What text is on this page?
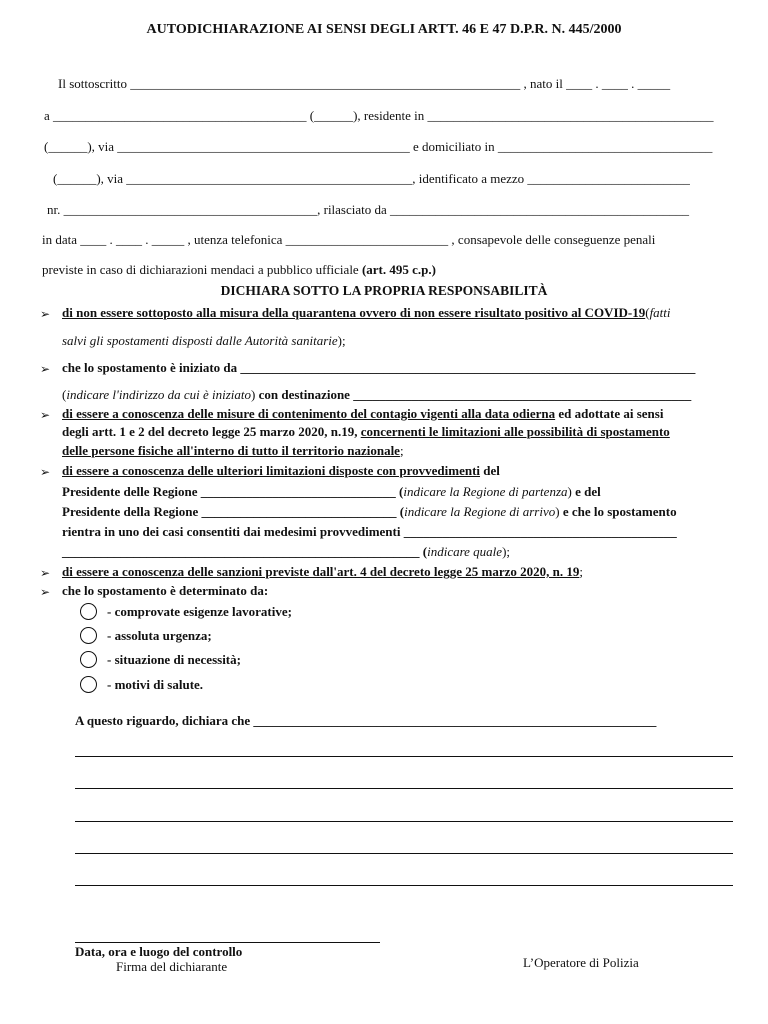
AUTODICHIARAZIONE AI SENSI DEGLI ARTT. 46 E 47 D.P.R. N. 445/2000
Il sottoscritto ____________________________________________________________ , nato il ____ . ____ . _____
a _______________________________________ (______), residente in ____________________________________________
(______), via _____________________________________________ e domiciliato in _________________________________
(______), via ____________________________________________, identificato a mezzo _________________________
nr. _______________________________________, rilasciato da ______________________________________________
in data ____ . ____ . _____ , utenza telefonica _________________________ , consapevole delle conseguenze penali
previste in caso di dichiarazioni mendaci a pubblico ufficiale (art. 495 c.p.)
DICHIARA SOTTO LA PROPRIA RESPONSABILITÀ
➢ di non essere sottoposto alla misura della quarantena ovvero di non essere risultato positivo al COVID-19(fatti
salvi gli spostamenti disposti dalle Autorità sanitarie);
➢ che lo spostamento è iniziato da ______________________________________________________________________
(indicare l'indirizzo da cui è iniziato) con destinazione ____________________________________________________
➢ di essere a conoscenza delle misure di contenimento del contagio vigenti alla data odierna ed adottate ai sensi
degli artt. 1 e 2 del decreto legge 25 marzo 2020, n.19, concernenti le limitazioni alle possibilità di spostamento
delle persone fisiche all'interno di tutto il territorio nazionale;
➢ di essere a conoscenza delle ulteriori limitazioni disposte con provvedimenti del
Presidente delle Regione ______________________________ (indicare la Regione di partenza) e del
Presidente della Regione ______________________________ (indicare la Regione di arrivo) e che lo spostamento
rientra in uno dei casi consentiti dai medesimi provvedimenti __________________________________________
_______________________________________________________ (indicare quale);
➢ di essere a conoscenza delle sanzioni previste dall'art. 4 del decreto legge 25 marzo 2020, n. 19;
➢ che lo spostamento è determinato da:
- comprovate esigenze lavorative;
- assoluta urgenza;
- situazione di necessità;
- motivi di salute.
A questo riguardo, dichiara che ______________________________________________________________
Data, ora e luogo del controllo
Firma del dichiarante	L’Operatore di Polizia
